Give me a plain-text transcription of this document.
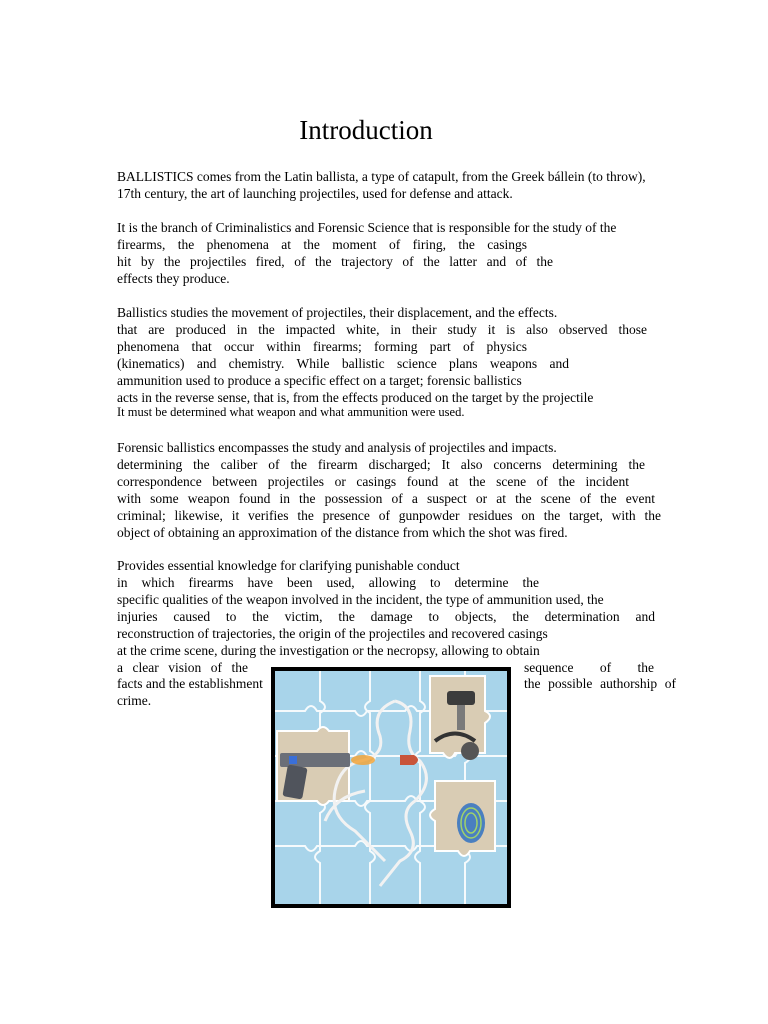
Introduction

BALLISTICS comes from the Latin ballista, a type of catapult, from the Greek bállein (to throw),

17th century, the art of launching projectiles, used for defense and attack.

It is the branch of Criminalistics and Forensic Science that is responsible for the study of the

firearms, the phenomena at the moment of firing, the casings

hit by the projectiles fired, of the trajectory of the latter and of the

effects they produce.

Ballistics studies the movement of projectiles, their displacement, and the effects.

that are produced in the impacted white, in their study it is also observed those

phenomena that occur within firearms; forming part of physics

(kinematics) and chemistry. While ballistic science plans weapons and

ammunition used to produce a specific effect on a target; forensic ballistics

acts in the reverse sense, that is, from the effects produced on the target by the projectile

It must be determined what weapon and what ammunition were used.

Forensic ballistics encompasses the study and analysis of projectiles and impacts.

determining the caliber of the firearm discharged; It also concerns determining the

correspondence between projectiles or casings found at the scene of the incident

with some weapon found in the possession of a suspect or at the scene of the event

criminal; likewise, it verifies the presence of gunpowder residues on the target, with the

object of obtaining an approximation of the distance from which the shot was fired.

Provides essential knowledge for clarifying punishable conduct

in which firearms have been used, allowing to determine the

specific qualities of the weapon involved in the incident, the type of ammunition used, the

injuries caused to the victim, the damage to objects, the determination and

reconstruction of trajectories, the origin of the projectiles and recovered casings

at the crime scene, during the investigation or the necropsy, allowing to obtain

a clear vision of the	sequence of the

facts and the establishment	the possible authorship of

crime.
